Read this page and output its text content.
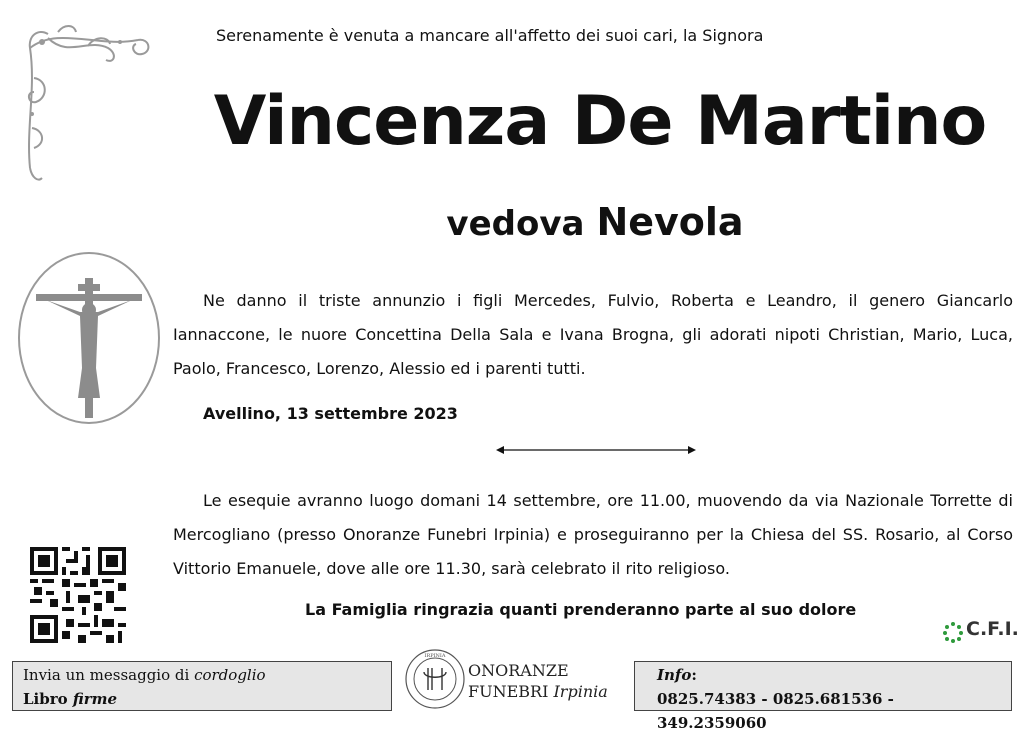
Serenamente è venuta a mancare all'affetto dei suoi cari, la Signora
Vincenza De Martino
vedova Nevola
Ne danno il triste annunzio i figli Mercedes, Fulvio, Roberta e Leandro, il genero Giancarlo Iannaccone, le nuore Concettina Della Sala e Ivana Brogna, gli adorati nipoti Christian, Mario, Luca, Paolo, Francesco, Lorenzo, Alessio ed i parenti tutti.
Avellino, 13 settembre 2023
Le esequie avranno luogo domani 14 settembre, ore 11.00, muovendo da via Nazionale Torrette di Mercogliano (presso Onoranze Funebri Irpinia) e proseguiranno per la Chiesa del SS. Rosario, al Corso Vittorio Emanuele, dove alle ore 11.30, sarà celebrato il rito religioso.
La Famiglia ringrazia quanti prenderanno parte al suo dolore
C.F.I.
Invia un messaggio di cordoglio
Libro firme
IRPINIA
ONORANZE
FUNEBRI Irpinia
Info:
0825.74383 - 0825.681536 - 349.2359060
